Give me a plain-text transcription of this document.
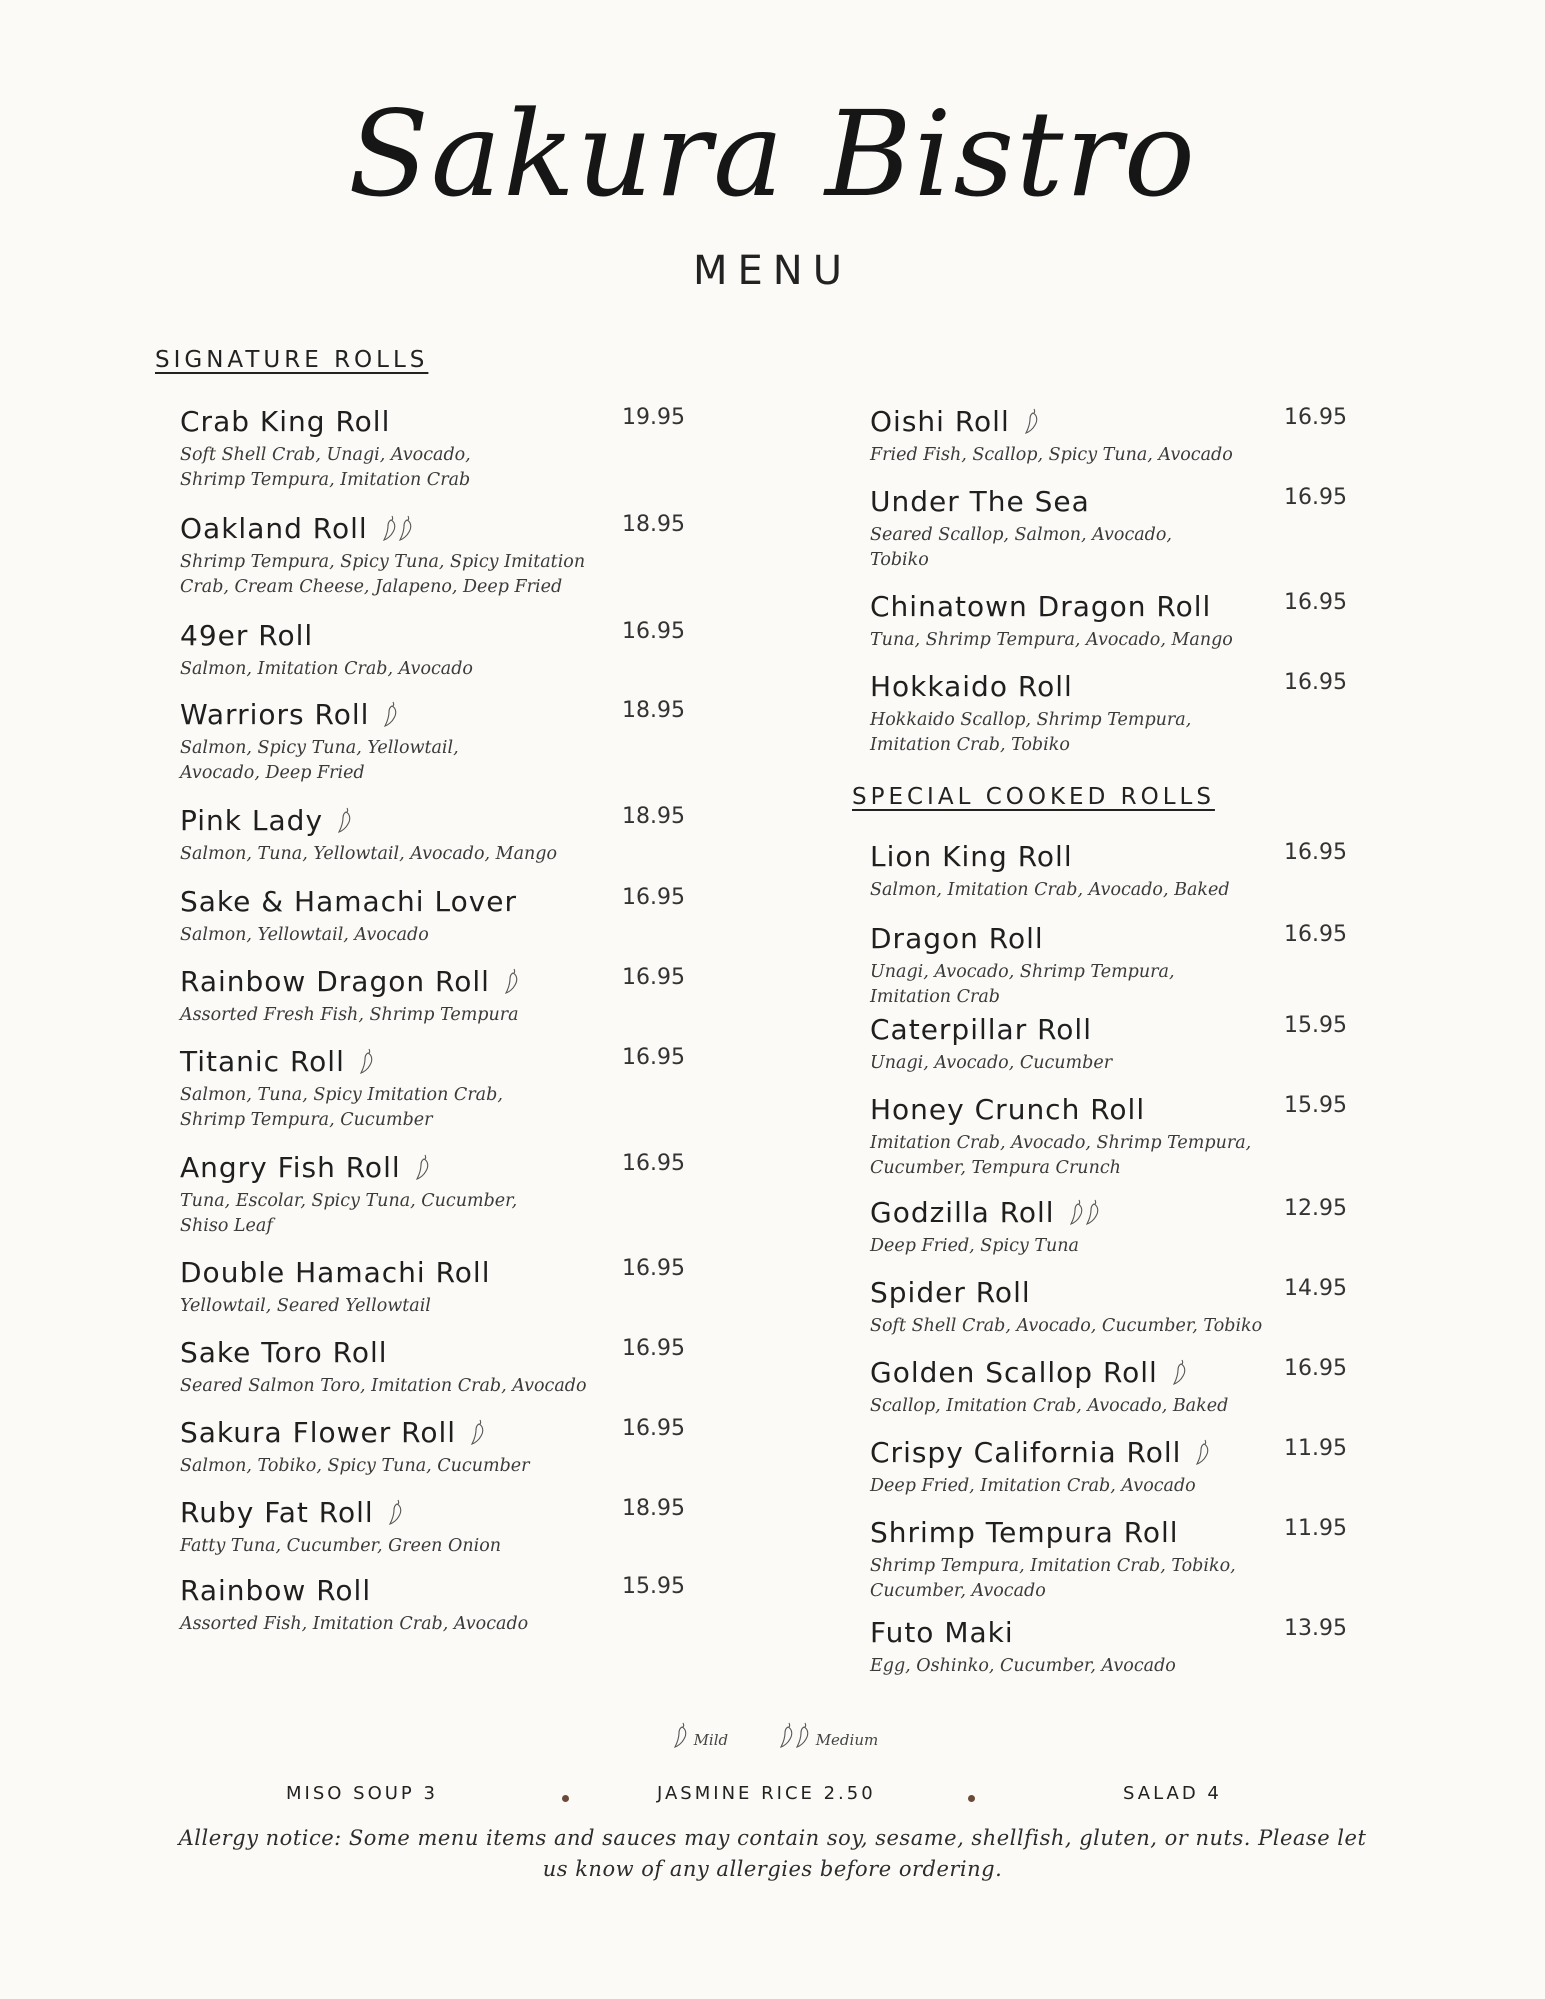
Sakura Bistro
MENU
SIGNATURE ROLLS
SPECIAL COOKED ROLLS
Crab King Roll	19.95
Soft Shell Crab, Unagi, Avocado,
Shrimp Tempura, Imitation Crab
Oakland Roll	18.95
Shrimp Tempura, Spicy Tuna, Spicy Imitation
Crab, Cream Cheese, Jalapeno, Deep Fried
49er Roll	16.95
Salmon, Imitation Crab, Avocado
Warriors Roll	18.95
Salmon, Spicy Tuna, Yellowtail,
Avocado, Deep Fried
Pink Lady	18.95
Salmon, Tuna, Yellowtail, Avocado, Mango
Sake & Hamachi Lover	16.95
Salmon, Yellowtail, Avocado
Rainbow Dragon Roll	16.95
Assorted Fresh Fish, Shrimp Tempura
Titanic Roll	16.95
Salmon, Tuna, Spicy Imitation Crab,
Shrimp Tempura, Cucumber
Angry Fish Roll	16.95
Tuna, Escolar, Spicy Tuna, Cucumber,
Shiso Leaf
Double Hamachi Roll	16.95
Yellowtail, Seared Yellowtail
Sake Toro Roll	16.95
Seared Salmon Toro, Imitation Crab, Avocado
Sakura Flower Roll	16.95
Salmon, Tobiko, Spicy Tuna, Cucumber
Ruby Fat Roll	18.95
Fatty Tuna, Cucumber, Green Onion
Rainbow Roll	15.95
Assorted Fish, Imitation Crab, Avocado
Oishi Roll	16.95
Fried Fish, Scallop, Spicy Tuna, Avocado
Under The Sea	16.95
Seared Scallop, Salmon, Avocado,
Tobiko
Chinatown Dragon Roll	16.95
Tuna, Shrimp Tempura, Avocado, Mango
Hokkaido Roll	16.95
Hokkaido Scallop, Shrimp Tempura,
Imitation Crab, Tobiko
Lion King Roll	16.95
Salmon, Imitation Crab, Avocado, Baked
Dragon Roll	16.95
Unagi, Avocado, Shrimp Tempura,
Imitation Crab
Caterpillar Roll	15.95
Unagi, Avocado, Cucumber
Honey Crunch Roll	15.95
Imitation Crab, Avocado, Shrimp Tempura,
Cucumber, Tempura Crunch
Godzilla Roll	12.95
Deep Fried, Spicy Tuna
Spider Roll	14.95
Soft Shell Crab, Avocado, Cucumber, Tobiko
Golden Scallop Roll	16.95
Scallop, Imitation Crab, Avocado, Baked
Crispy California Roll	11.95
Deep Fried, Imitation Crab, Avocado
Shrimp Tempura Roll	11.95
Shrimp Tempura, Imitation Crab, Tobiko,
Cucumber, Avocado
Futo Maki	13.95
Egg, Oshinko, Cucumber, Avocado
Mild	Medium
MISO SOUP 3	JASMINE RICE 2.50	SALAD 4
Allergy notice: Some menu items and sauces may contain soy, sesame, shellfish, gluten, or nuts. Please let us know of any allergies before ordering.
